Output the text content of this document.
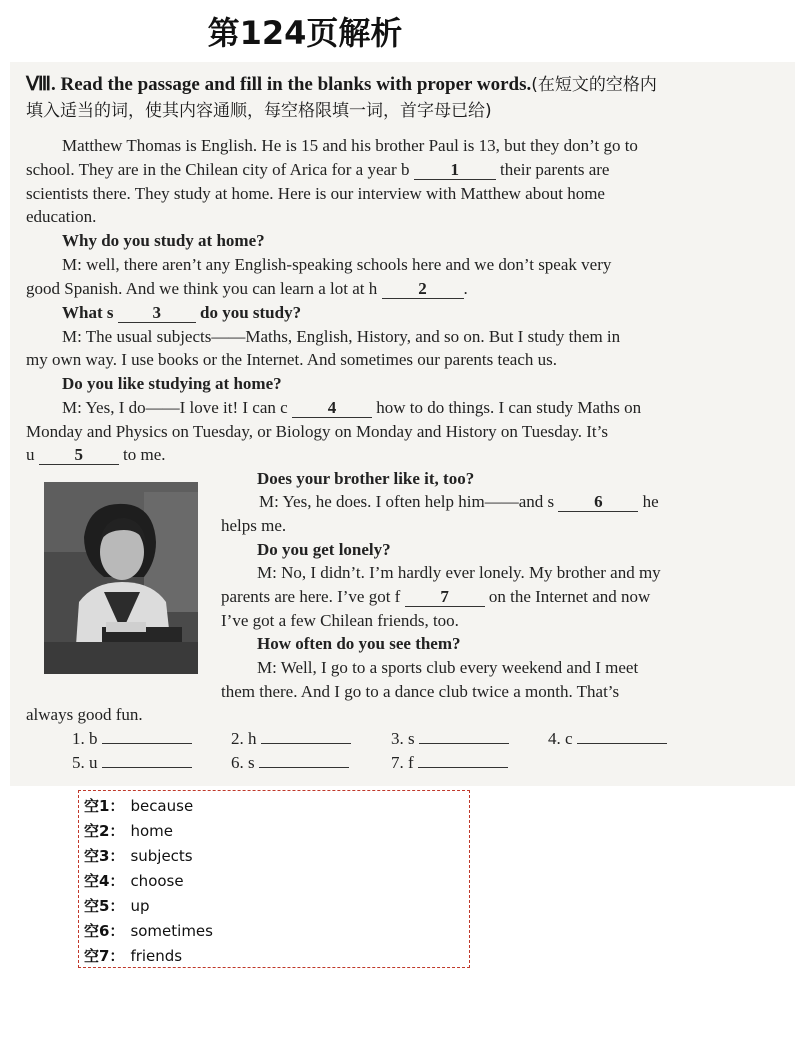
第124页解析
Ⅷ. Read the passage and fill in the blanks with proper words.(在短文的空格内
填入适当的词，使其内容通顺，每空格限填一词，首字母已给)
Matthew Thomas is English. He is 15 and his brother Paul is 13, but they don’t go to
school. They are in the Chilean city of Arica for a year b 1 their parents are
scientists there. They study at home. Here is our interview with Matthew about home
education.
Why do you study at home?
M: well, there aren’t any English-speaking schools here and we don’t speak very
good Spanish. And we think you can learn a lot at h 2 .
What s 3 do you study?
M: The usual subjects——Maths, English, History, and so on. But I study them in
my own way. I use books or the Internet. And sometimes our parents teach us.
Do you like studying at home?
M: Yes, I do——I love it! I can c 4 how to do things. I can study Maths on
Monday and Physics on Tuesday, or Biology on Monday and History on Tuesday. It’s
u 5 to me.
Does your brother like it, too?
M: Yes, he does. I often help him——and s 6 he
helps me.
Do you get lonely?
M: No, I didn’t. I’m hardly ever lonely. My brother and my
parents are here. I’ve got f 7 on the Internet and now
I’ve got a few Chilean friends, too.
How often do you see them?
M: Well, I go to a sports club every weekend and I meet
them there. And I go to a dance club twice a month. That’s
always good fun.
1. b	2. h	3. s	4. c
5. u	6. s	7. f
空1： because
空2： home
空3： subjects
空4： choose
空5： up
空6： sometimes
空7： friends
